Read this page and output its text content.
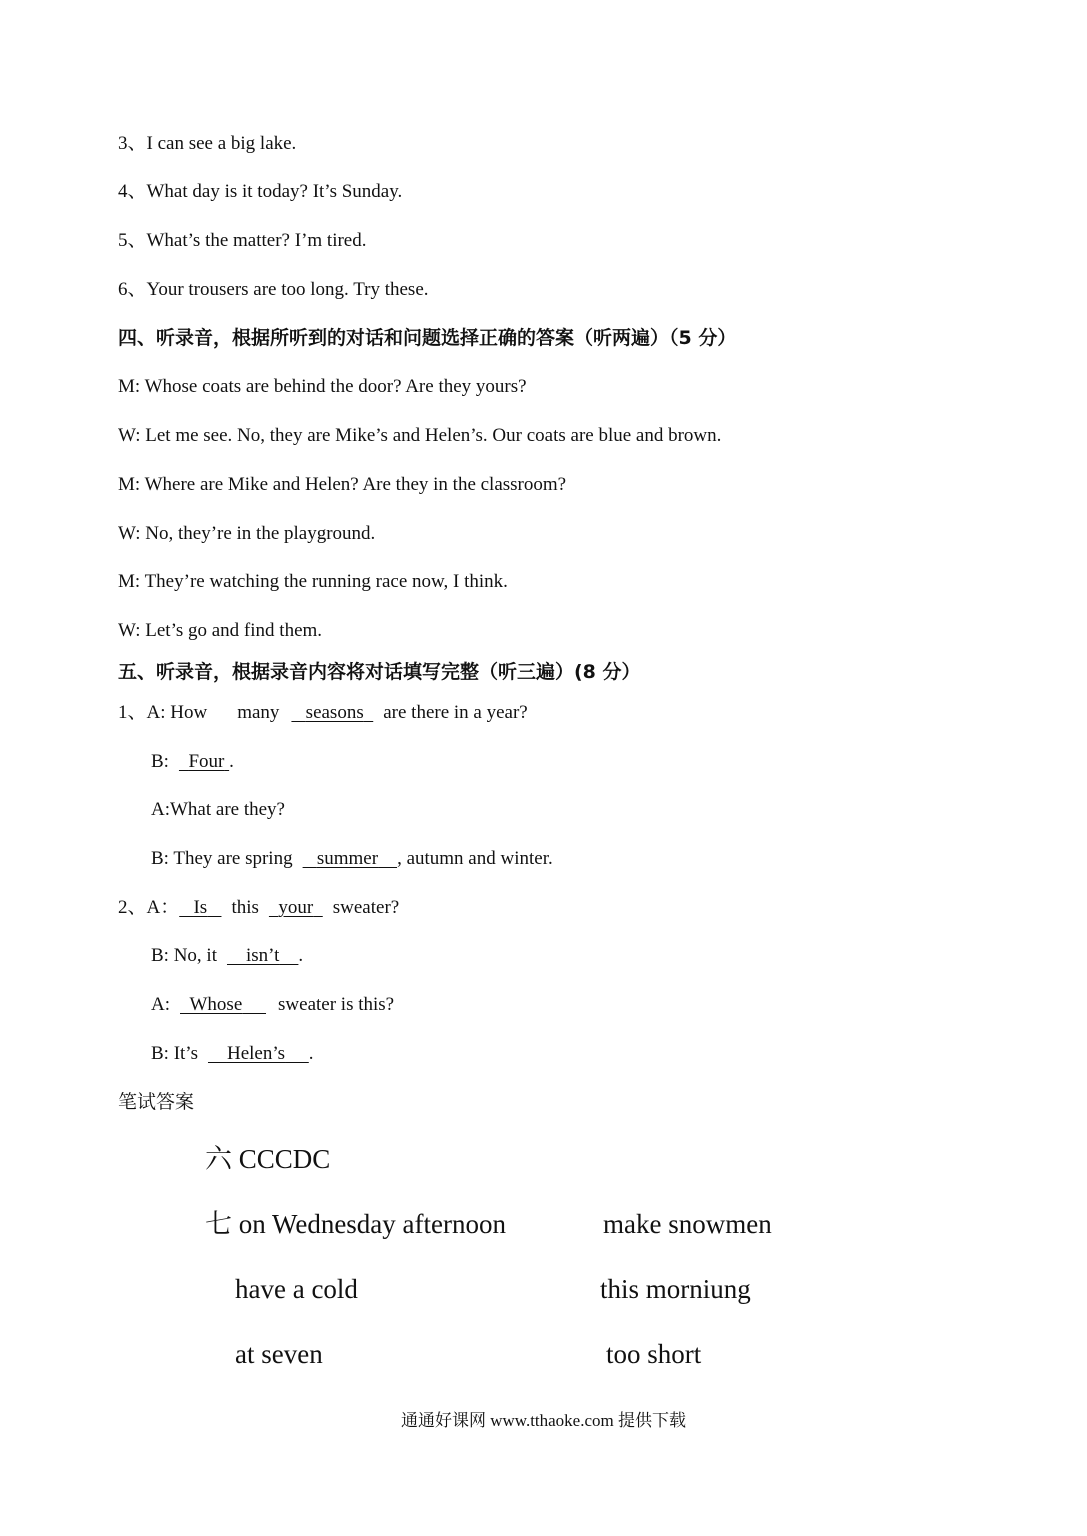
3、I can see a big lake.
4、What day is it today? It’s Sunday.
5、What’s the matter? I’m tired.
6、Your trousers are too long. Try these.
四、听录音，根据所听到的对话和问题选择正确的答案（听两遍）（5 分）
M: Whose coats are behind the door? Are they yours?
W: Let me see. No, they are Mike’s and Helen’s. Our coats are blue and brown.
M: Where are Mike and Helen? Are they in the classroom?
W: No, they’re in the playground.
M: They’re watching the running race now, I think.
W: Let’s go and find them.
五、听录音，根据录音内容将对话填写完整（听三遍）(8 分）
1、A: How many seasons are there in a year?
B: Four .
A:What are they?
B: They are spring summer , autumn and winter.
2、A： Is this your sweater?
B: No, it isn’t .
A: Whose sweater is this?
B: It’s Helen’s .
笔试答案
六 CCCDC
七 on Wednesday afternoon	make snowmen
have a cold	this morniung
at seven	too short
通通好课网 www.tthaoke.com 提供下载
